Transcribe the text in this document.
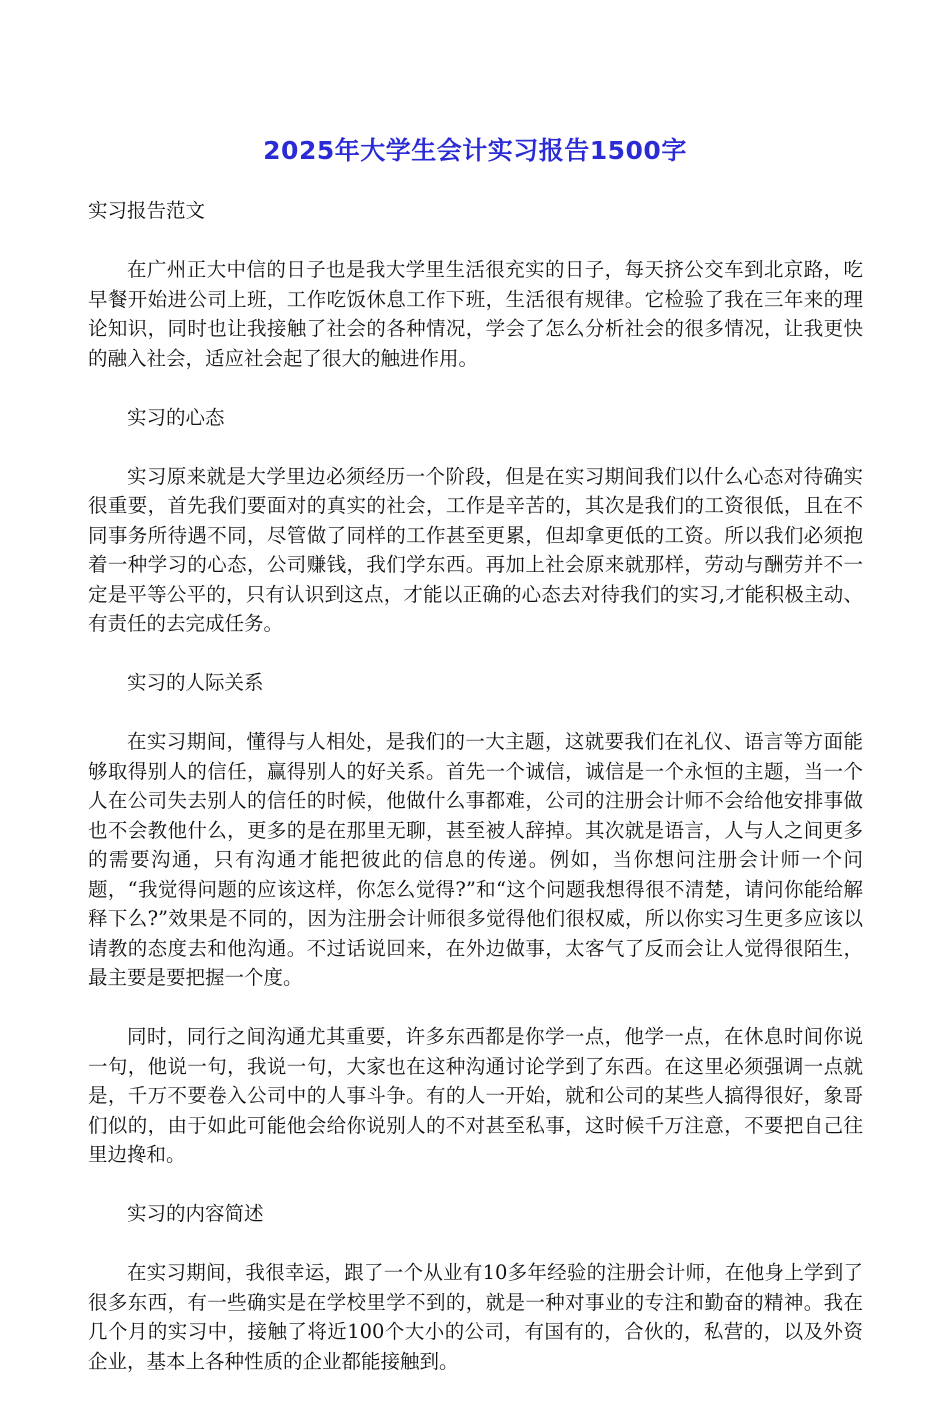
2025年大学生会计实习报告1500字

实习报告范文

在广州正大中信的日子也是我大学里生活很充实的日子，每天挤公交车到北京路，吃早餐开始进公司上班，工作吃饭休息工作下班，生活很有规律。它检验了我在三年来的理论知识，同时也让我接触了社会的各种情况，学会了怎么分析社会的很多情况，让我更快的融入社会，适应社会起了很大的触进作用。

实习的心态

实习原来就是大学里边必须经历一个阶段，但是在实习期间我们以什么心态对待确实很重要，首先我们要面对的真实的社会，工作是辛苦的，其次是我们的工资很低，且在不同事务所待遇不同，尽管做了同样的工作甚至更累，但却拿更低的工资。所以我们必须抱着一种学习的心态，公司赚钱，我们学东西。再加上社会原来就那样，劳动与酬劳并不一定是平等公平的，只有认识到这点，才能以正确的心态去对待我们的实习,才能积极主动、有责任的去完成任务。

实习的人际关系

在实习期间，懂得与人相处，是我们的一大主题，这就要我们在礼仪、语言等方面能够取得别人的信任，赢得别人的好关系。首先一个诚信，诚信是一个永恒的主题，当一个人在公司失去别人的信任的时候，他做什么事都难，公司的注册会计师不会给他安排事做也不会教他什么，更多的是在那里无聊，甚至被人辞掉。其次就是语言，人与人之间更多的需要沟通，只有沟通才能把彼此的信息的传递。例如，当你想问注册会计师一个问题，“我觉得问题的应该这样，你怎么觉得?”和“这个问题我想得很不清楚，请问你能给解释下么?”效果是不同的，因为注册会计师很多觉得他们很权威，所以你实习生更多应该以请教的态度去和他沟通。不过话说回来，在外边做事，太客气了反而会让人觉得很陌生，最主要是要把握一个度。

同时，同行之间沟通尤其重要，许多东西都是你学一点，他学一点，在休息时间你说一句，他说一句，我说一句，大家也在这种沟通讨论学到了东西。在这里必须强调一点就是，千万不要卷入公司中的人事斗争。有的人一开始，就和公司的某些人搞得很好，象哥们似的，由于如此可能他会给你说别人的不对甚至私事，这时候千万注意，不要把自己往里边搀和。

实习的内容简述

在实习期间，我很幸运，跟了一个从业有10多年经验的注册会计师，在他身上学到了很多东西，有一些确实是在学校里学不到的，就是一种对事业的专注和勤奋的精神。我在几个月的实习中，接触了将近100个大小的公司，有国有的，合伙的，私营的，以及外资企业，基本上各种性质的企业都能接触到。
